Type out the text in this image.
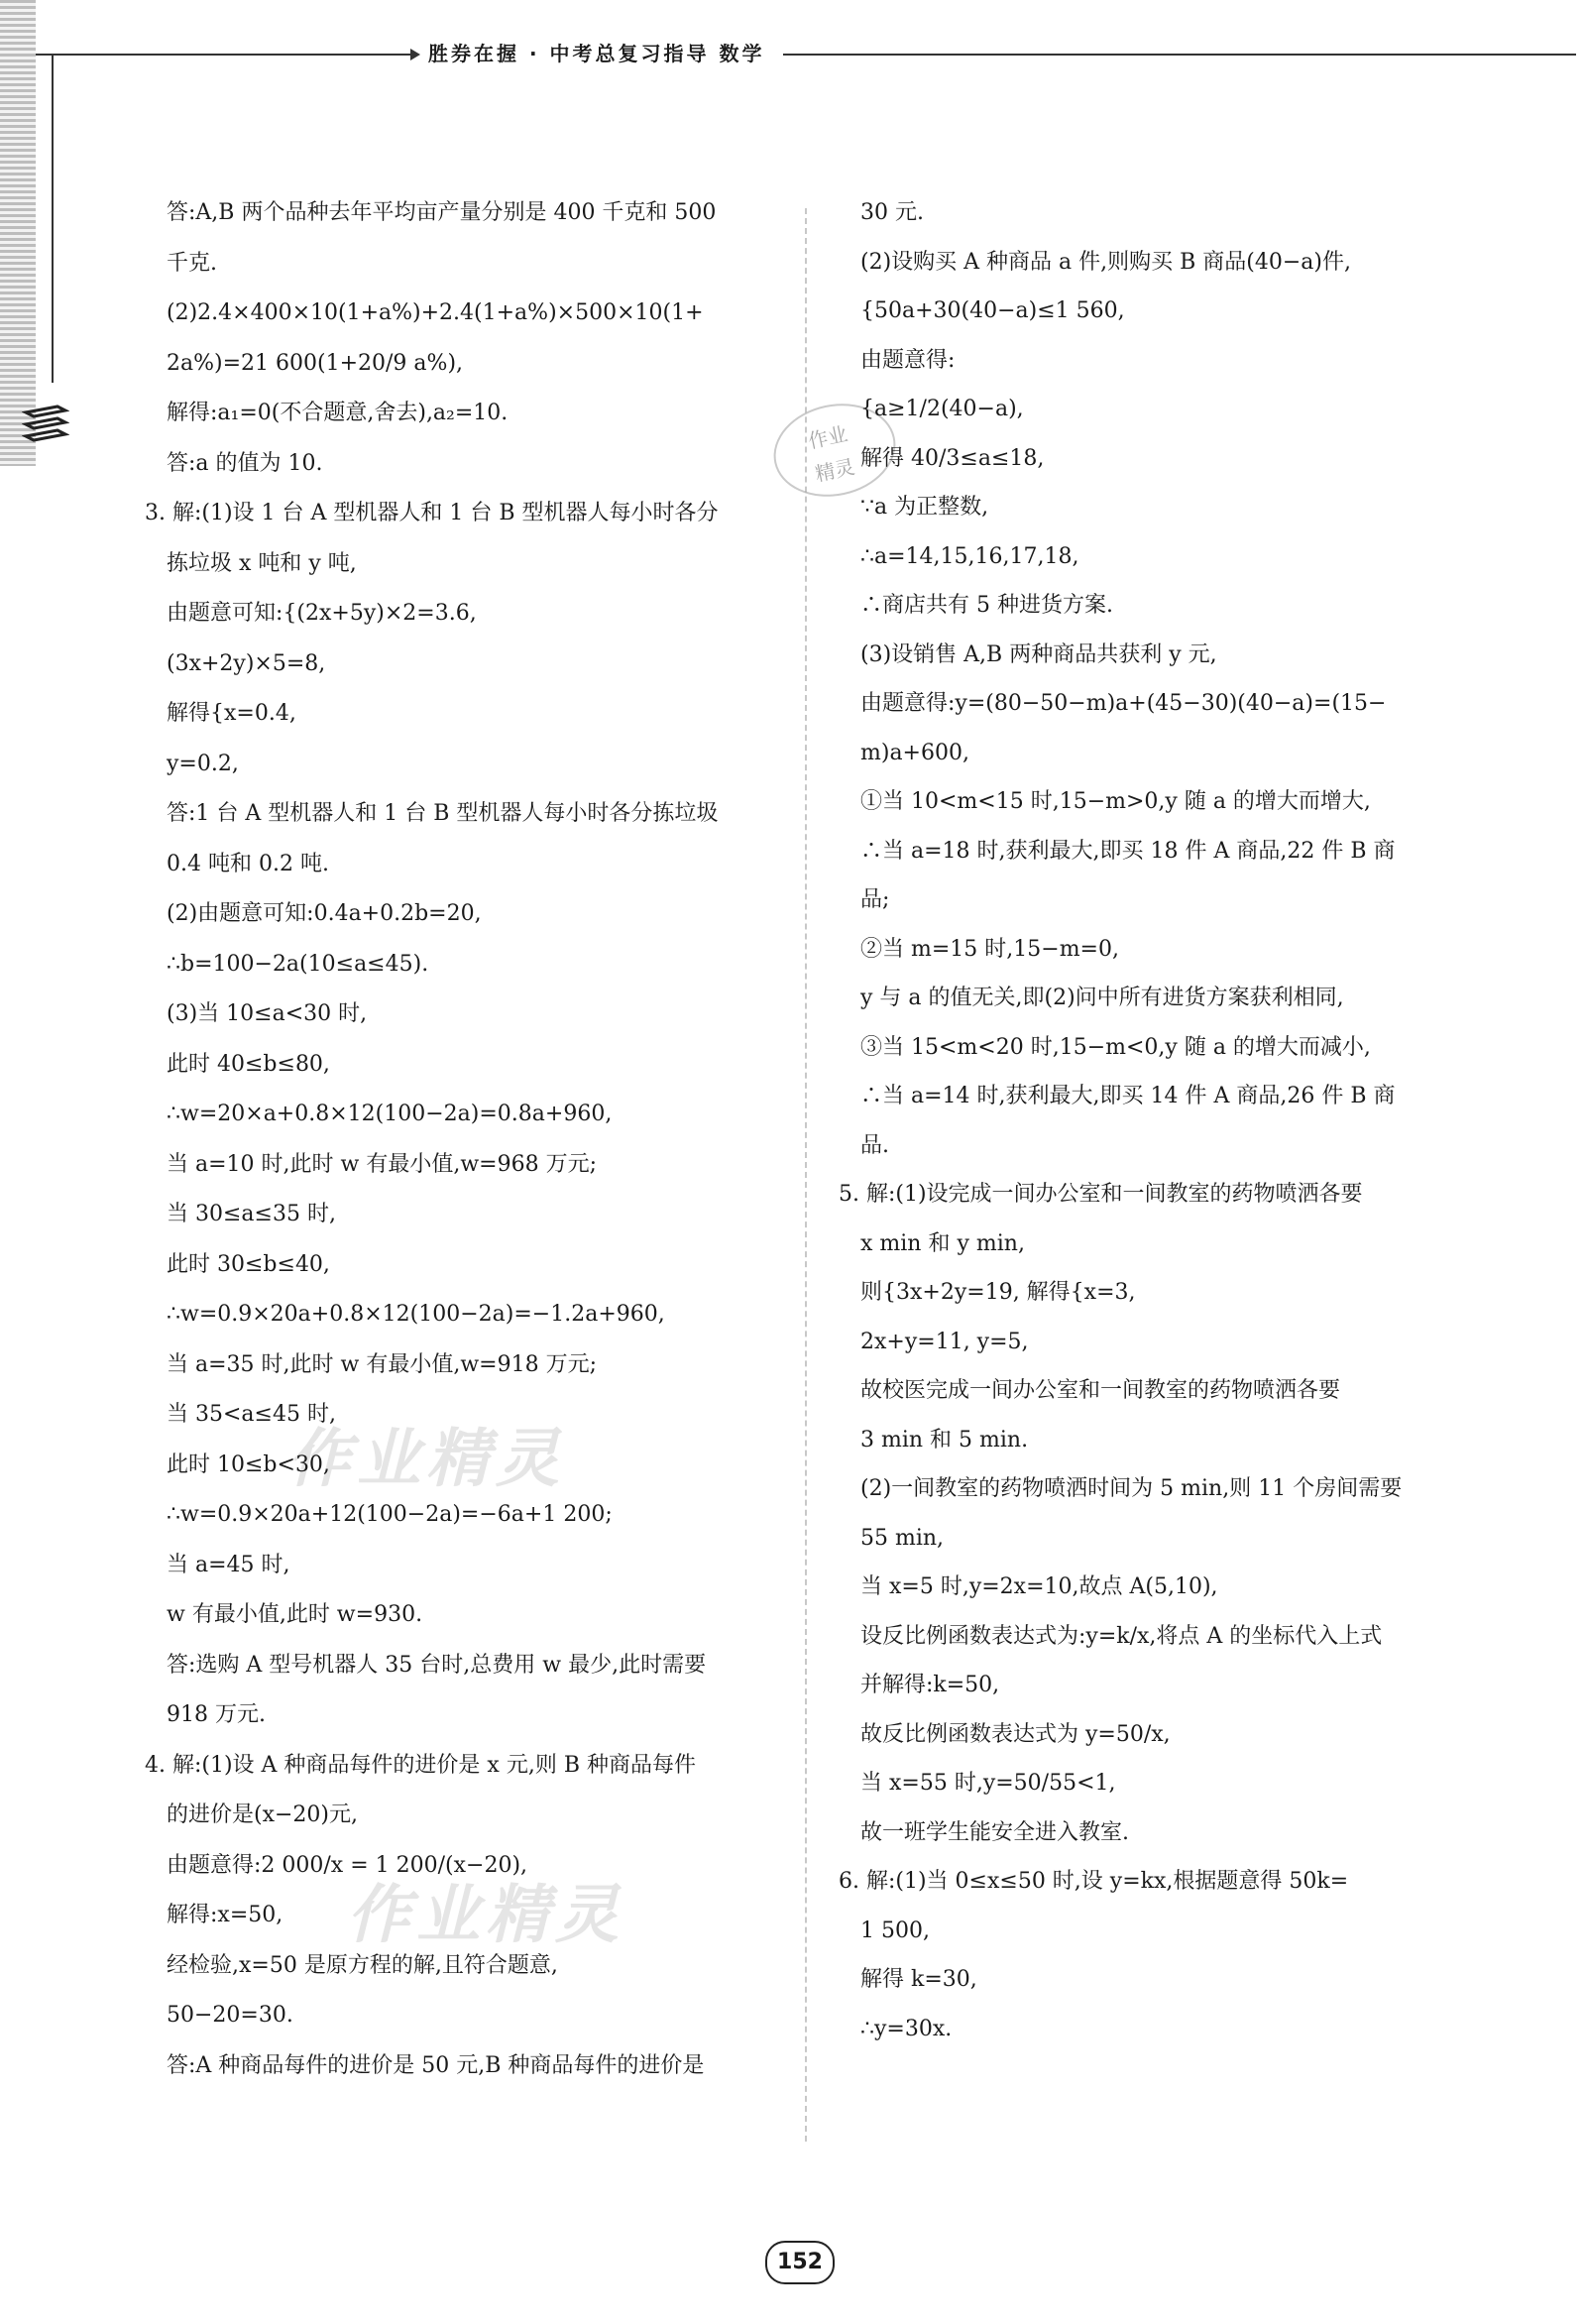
胜券在握 · 中考总复习指导 数学
作业
精灵
作业精灵
作业精灵
答:A,B 两个品种去年平均亩产量分别是 400 千克和 500
千克.
(2)2.4×400×10(1+a%)+2.4(1+a%)×500×10(1+
2a%)=21 600(1+20/9 a%),
解得:a₁=0(不合题意,舍去),a₂=10.
答:a 的值为 10.
3. 解:(1)设 1 台 A 型机器人和 1 台 B 型机器人每小时各分
拣垃圾 x 吨和 y 吨,
由题意可知:{(2x+5y)×2=3.6,
(3x+2y)×5=8,
解得{x=0.4,
y=0.2,
答:1 台 A 型机器人和 1 台 B 型机器人每小时各分拣垃圾
0.4 吨和 0.2 吨.
(2)由题意可知:0.4a+0.2b=20,
∴b=100−2a(10≤a≤45).
(3)当 10≤a<30 时,
此时 40≤b≤80,
∴w=20×a+0.8×12(100−2a)=0.8a+960,
当 a=10 时,此时 w 有最小值,w=968 万元;
当 30≤a≤35 时,
此时 30≤b≤40,
∴w=0.9×20a+0.8×12(100−2a)=−1.2a+960,
当 a=35 时,此时 w 有最小值,w=918 万元;
当 35<a≤45 时,
此时 10≤b<30,
∴w=0.9×20a+12(100−2a)=−6a+1 200;
当 a=45 时,
w 有最小值,此时 w=930.
答:选购 A 型号机器人 35 台时,总费用 w 最少,此时需要
918 万元.
4. 解:(1)设 A 种商品每件的进价是 x 元,则 B 种商品每件
的进价是(x−20)元,
由题意得:2 000/x = 1 200/(x−20),
解得:x=50,
经检验,x=50 是原方程的解,且符合题意,
50−20=30.
答:A 种商品每件的进价是 50 元,B 种商品每件的进价是
30 元.
(2)设购买 A 种商品 a 件,则购买 B 商品(40−a)件,
{50a+30(40−a)≤1 560,
由题意得:
{a≥1/2(40−a),
解得 40/3≤a≤18,
∵a 为正整数,
∴a=14,15,16,17,18,
∴商店共有 5 种进货方案.
(3)设销售 A,B 两种商品共获利 y 元,
由题意得:y=(80−50−m)a+(45−30)(40−a)=(15−
m)a+600,
①当 10<m<15 时,15−m>0,y 随 a 的增大而增大,
∴当 a=18 时,获利最大,即买 18 件 A 商品,22 件 B 商
品;
②当 m=15 时,15−m=0,
y 与 a 的值无关,即(2)问中所有进货方案获利相同,
③当 15<m<20 时,15−m<0,y 随 a 的增大而减小,
∴当 a=14 时,获利最大,即买 14 件 A 商品,26 件 B 商
品.
5. 解:(1)设完成一间办公室和一间教室的药物喷洒各要
x min 和 y min,
则{3x+2y=19, 解得{x=3,
2x+y=11, y=5,
故校医完成一间办公室和一间教室的药物喷洒各要
3 min 和 5 min.
(2)一间教室的药物喷洒时间为 5 min,则 11 个房间需要
55 min,
当 x=5 时,y=2x=10,故点 A(5,10),
设反比例函数表达式为:y=k/x,将点 A 的坐标代入上式
并解得:k=50,
故反比例函数表达式为 y=50/x,
当 x=55 时,y=50/55<1,
故一班学生能安全进入教室.
6. 解:(1)当 0≤x≤50 时,设 y=kx,根据题意得 50k=
1 500,
解得 k=30,
∴y=30x.
152
